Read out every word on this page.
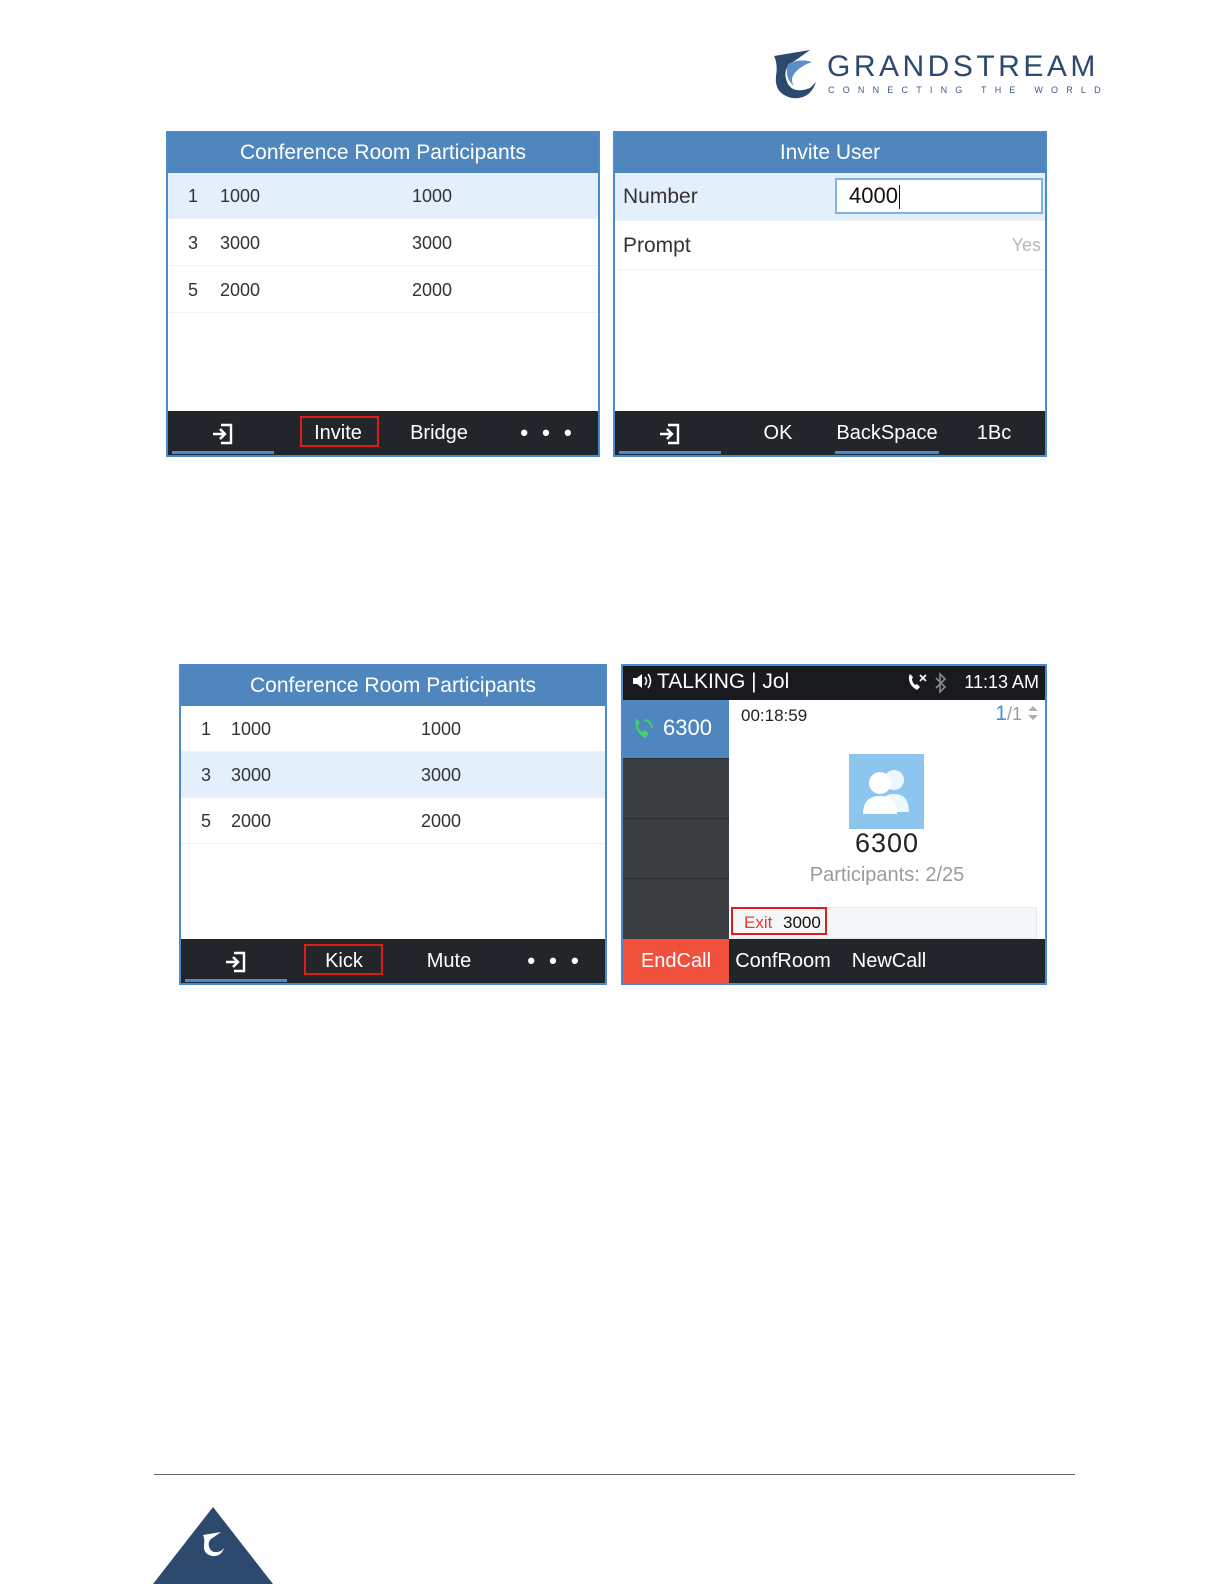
GRANDSTREAM
CONNECTING THE WORLD
Conference Room Participants
1 1000	1000
3 3000	3000
5 2000	2000
Invite	Bridge	• • •
Invite User
Number	4000
Prompt	Yes
OK	BackSpace	1Bc
Conference Room Participants
1 1000	1000
3 3000	3000
5 2000	2000
Kick	Mute	• • •
TALKING | Jol	11:13 AM
6300 00:18:59	1/1
6300
Participants: 2/25
Exit 3000
EndCall	ConfRoom	NewCall
